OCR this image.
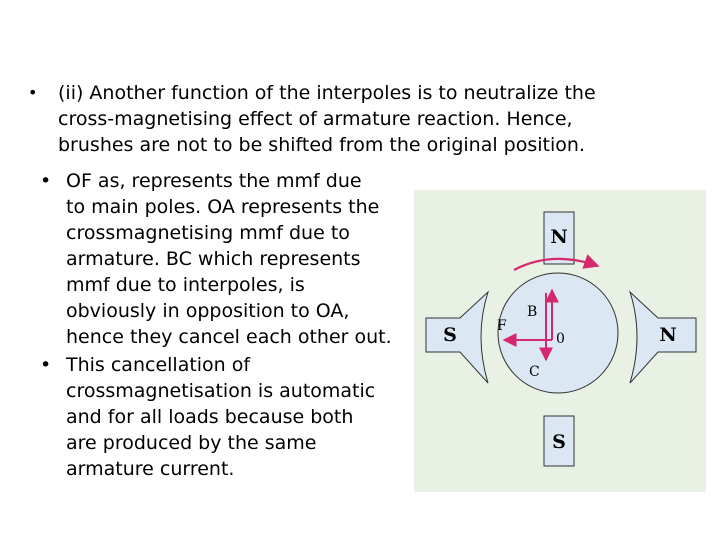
• (ii) Another function of the interpoles is to neutralize the
cross-magnetising effect of armature reaction. Hence,
brushes are not to be shifted from the original position.
• OF as, represents the mmf due
to main poles. OA represents the
crossmagnetising mmf due to
armature. BC which represents
mmf due to interpoles, is
obviously in opposition to OA,
hence they cancel each other out.
• This cancellation of
crossmagnetisation is automatic
and for all loads because both
are produced by the same
armature current.
N
S
S	N
F
B
0
C
